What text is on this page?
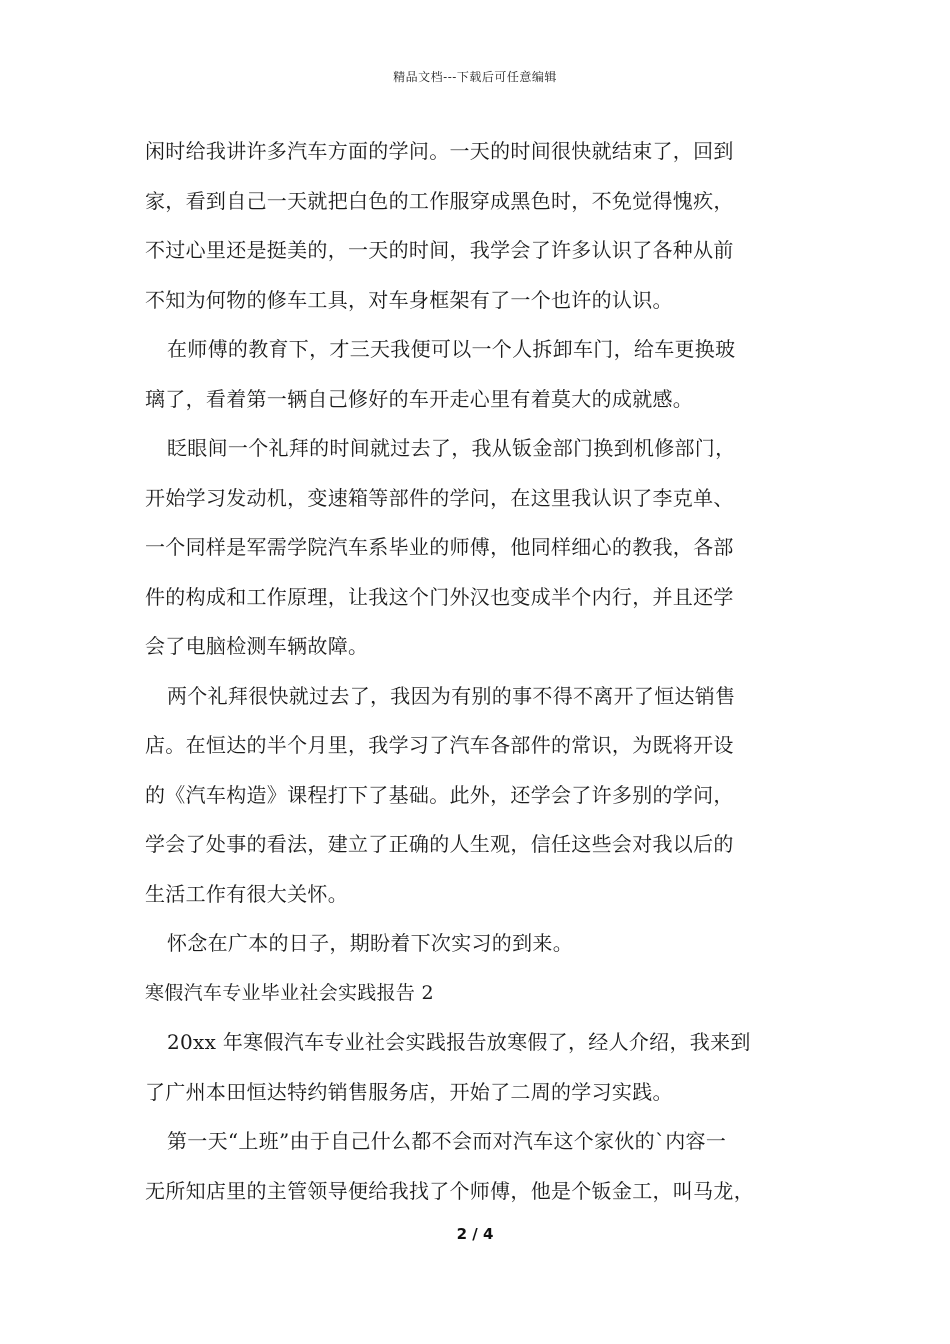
精品文档---下载后可任意编辑
闲时给我讲许多汽车方面的学问。一天的时间很快就结束了，回到
家，看到自己一天就把白色的工作服穿成黑色时，不免觉得愧疚，
不过心里还是挺美的，一天的时间，我学会了许多认识了各种从前
不知为何物的修车工具，对车身框架有了一个也许的认识。
在师傅的教育下，才三天我便可以一个人拆卸车门，给车更换玻
璃了，看着第一辆自己修好的车开走心里有着莫大的成就感。
眨眼间一个礼拜的时间就过去了，我从钣金部门换到机修部门，
开始学习发动机，变速箱等部件的学问，在这里我认识了李克单、
一个同样是军需学院汽车系毕业的师傅，他同样细心的教我，各部
件的构成和工作原理，让我这个门外汉也变成半个内行，并且还学
会了电脑检测车辆故障。
两个礼拜很快就过去了，我因为有别的事不得不离开了恒达销售
店。在恒达的半个月里，我学习了汽车各部件的常识，为既将开设
的《汽车构造》课程打下了基础。此外，还学会了许多别的学问，
学会了处事的看法，建立了正确的人生观，信任这些会对我以后的
生活工作有很大关怀。
怀念在广本的日子，期盼着下次实习的到来。
寒假汽车专业毕业社会实践报告 2
20xx 年寒假汽车专业社会实践报告放寒假了，经人介绍，我来到
了广州本田恒达特约销售服务店，开始了二周的学习实践。
第一天“上班”由于自己什么都不会而对汽车这个家伙的`内容一
无所知店里的主管领导便给我找了个师傅，他是个钣金工，叫马龙，
2 / 4
